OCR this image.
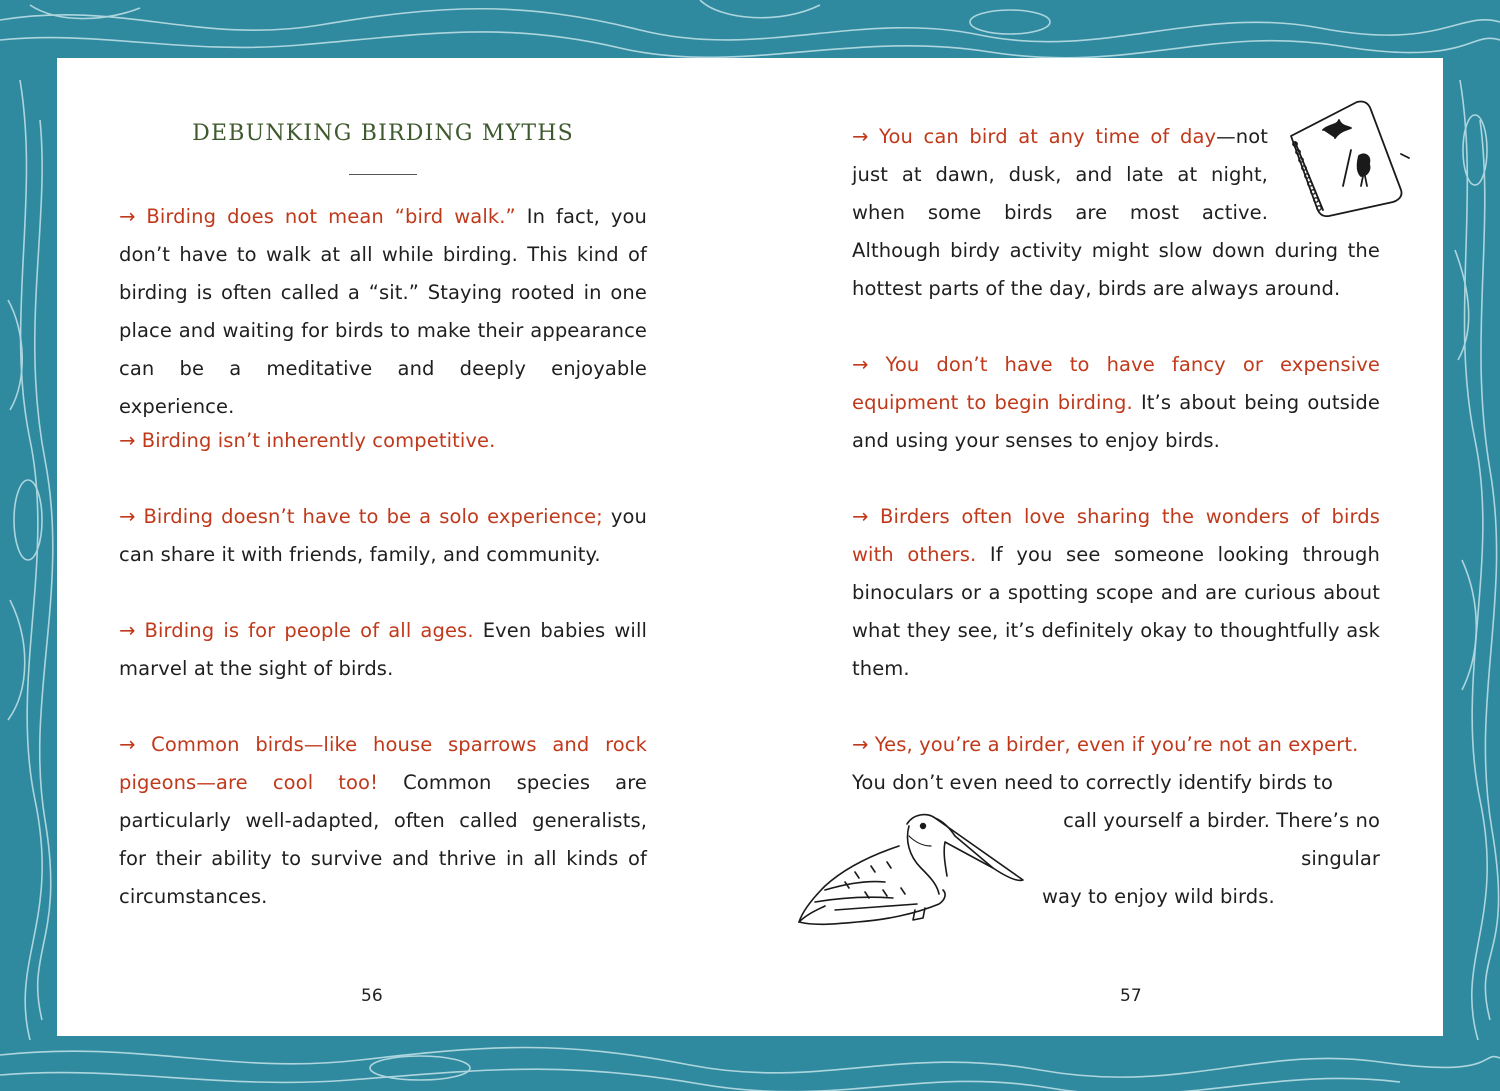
DEBUNKING BIRDING MYTHS

→ Birding does not mean “bird walk.” In fact, you don’t have to walk at all while birding. This kind of birding is often called a “sit.” Staying rooted in one place and waiting for birds to make their appearance can be a meditative and deeply enjoyable experience.

→ Birding isn’t inherently competitive.

→ Birding doesn’t have to be a solo experience; you can share it with friends, family, and community.

→ Birding is for people of all ages. Even babies will marvel at the sight of birds.

→ Common birds—like house sparrows and rock pigeons—are cool too! Common species are particularly well-adapted, often called generalists, for their ability to survive and thrive in all kinds of circumstances.

56

→ You can bird at any time of day—not just at dawn, dusk, and late at night, when some birds are most active. Although birdy activity might slow down during the hottest parts of the day, birds are always around.

→ You don’t have to have fancy or expensive equipment to begin birding. It’s about being outside and using your senses to enjoy birds.

→ Birders often love sharing the wonders of birds with others. If you see someone looking through binoculars or a spotting scope and are curious about what they see, it’s definitely okay to thoughtfully ask them.

→ Yes, you’re a birder, even if you’re not an expert.
You don’t even need to correctly identify birds to
call yourself a birder. There’s no singular
way to enjoy wild birds.

57
